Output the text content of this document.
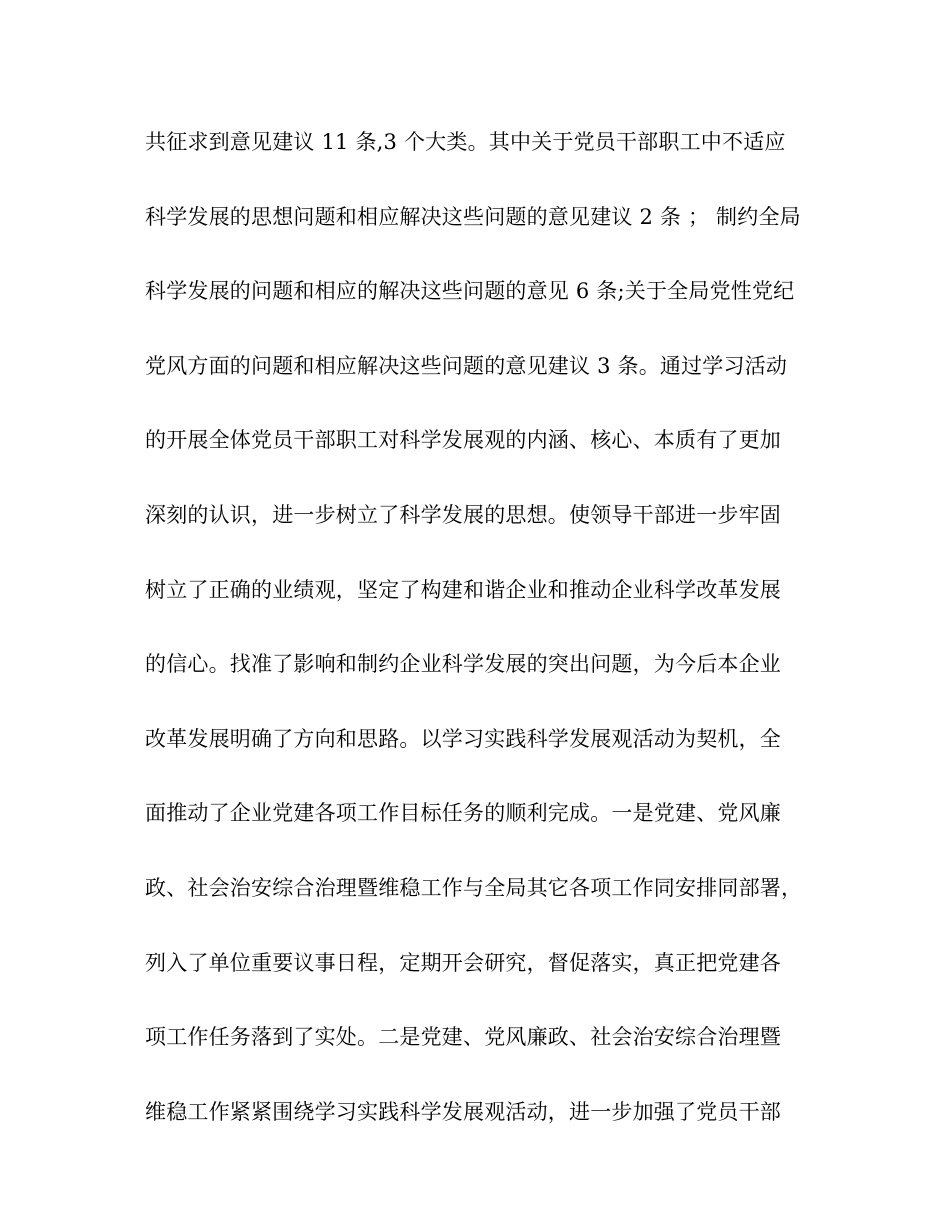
共征求到意见建议 11 条,3 个大类。其中关于党员干部职工中不适应
科学发展的思想问题和相应解决这些问题的意见建议 2 条 ； 制约全局
科学发展的问题和相应的解决这些问题的意见 6 条;关于全局党性党纪
党风方面的问题和相应解决这些问题的意见建议 3 条。通过学习活动
的开展全体党员干部职工对科学发展观的内涵、核心、本质有了更加
深刻的认识，进一步树立了科学发展的思想。使领导干部进一步牢固
树立了正确的业绩观，坚定了构建和谐企业和推动企业科学改革发展
的信心。找准了影响和制约企业科学发展的突出问题，为今后本企业
改革发展明确了方向和思路。以学习实践科学发展观活动为契机，全
面推动了企业党建各项工作目标任务的顺利完成。一是党建、党风廉
政、社会治安综合治理暨维稳工作与全局其它各项工作同安排同部署，
列入了单位重要议事日程，定期开会研究，督促落实，真正把党建各
项工作任务落到了实处。二是党建、党风廉政、社会治安综合治理暨
维稳工作紧紧围绕学习实践科学发展观活动，进一步加强了党员干部
